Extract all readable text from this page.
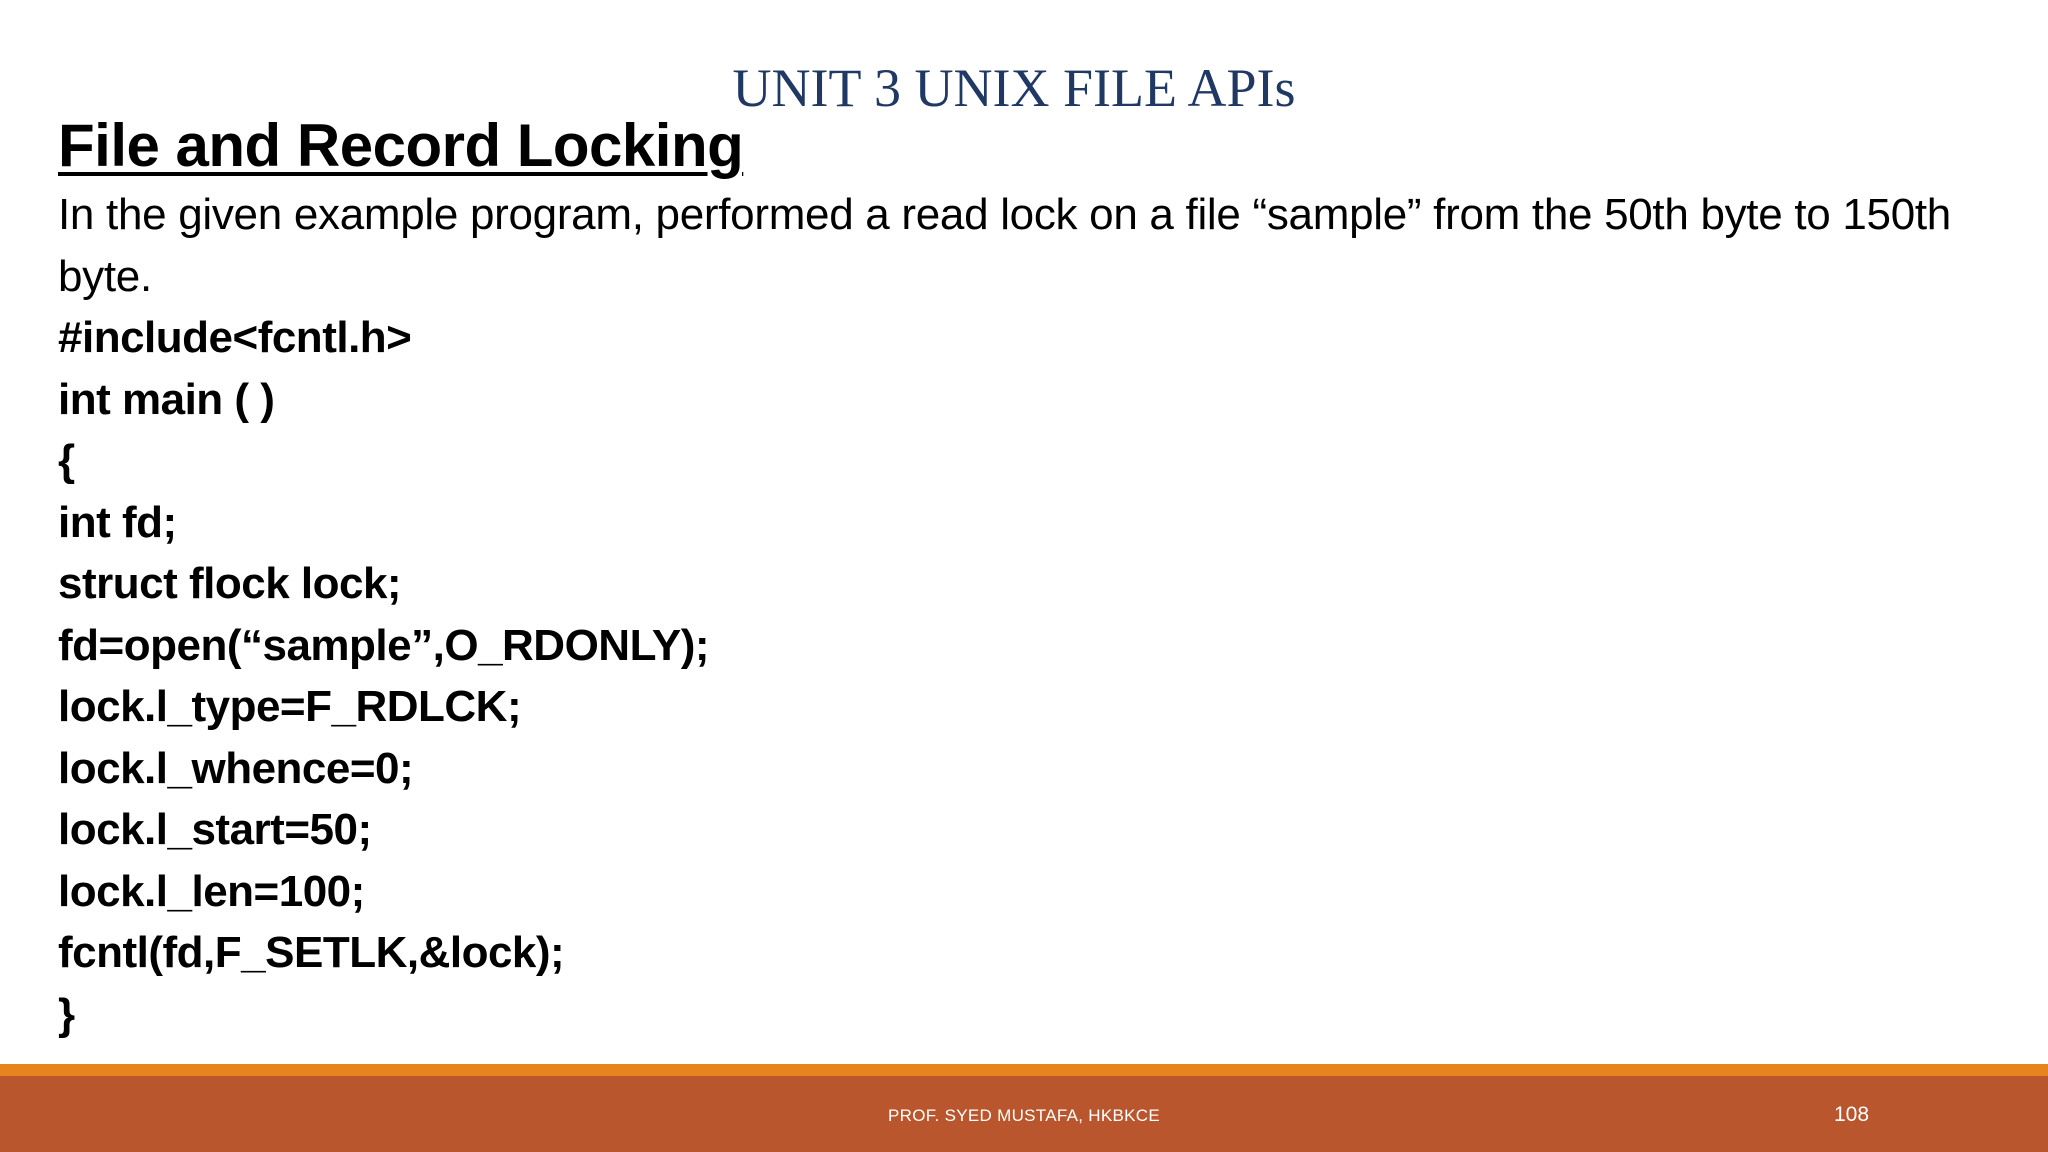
UNIT 3 UNIX FILE APIs
File and Record Locking

In the given example program, performed a read lock on a file “sample” from the 50th byte to 150th byte.

#include<fcntl.h>
int main ( )
{
int fd;
struct flock lock;
fd=open(“sample”,O_RDONLY);
lock.l_type=F_RDLCK;
lock.l_whence=0;
lock.l_start=50;
lock.l_len=100;
fcntl(fd,F_SETLK,&lock);
}
PROF. SYED MUSTAFA, HKBKCE	108
